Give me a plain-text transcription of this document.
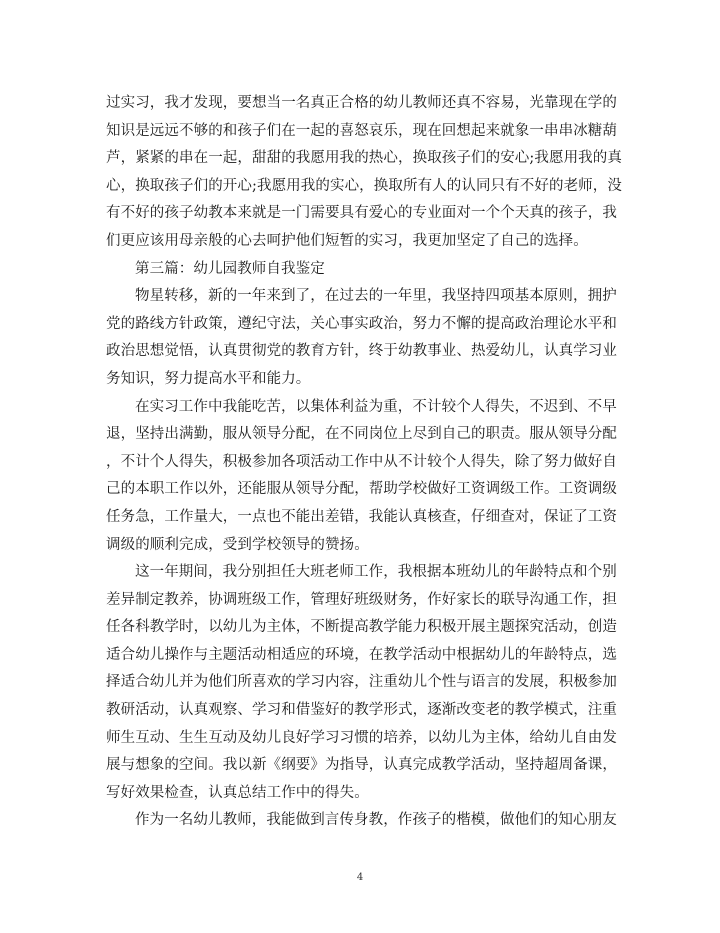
过实习，我才发现，要想当一名真正合格的幼儿教师还真不容易，光靠现在学的
知识是远远不够的和孩子们在一起的喜怒哀乐，现在回想起来就象一串串冰糖葫
芦，紧紧的串在一起，甜甜的我愿用我的热心，换取孩子们的安心;我愿用我的真
心，换取孩子们的开心;我愿用我的实心，换取所有人的认同只有不好的老师，没
有不好的孩子幼教本来就是一门需要具有爱心的专业面对一个个天真的孩子，我
们更应该用母亲般的心去呵护他们短暂的实习，我更加坚定了自己的选择。
第三篇：幼儿园教师自我鉴定
物星转移，新的一年来到了，在过去的一年里，我坚持四项基本原则，拥护
党的路线方针政策，遵纪守法，关心事实政治，努力不懈的提高政治理论水平和
政治思想觉悟，认真贯彻党的教育方针，终于幼教事业、热爱幼儿，认真学习业
务知识，努力提高水平和能力。
在实习工作中我能吃苦，以集体利益为重，不计较个人得失，不迟到、不早
退，坚持出满勤，服从领导分配，在不同岗位上尽到自己的职责。服从领导分配
，不计个人得失，积极参加各项活动工作中从不计较个人得失，除了努力做好自
己的本职工作以外，还能服从领导分配，帮助学校做好工资调级工作。工资调级
任务急，工作量大，一点也不能出差错，我能认真核查，仔细查对，保证了工资
调级的顺利完成，受到学校领导的赞扬。
这一年期间，我分别担任大班老师工作，我根据本班幼儿的年龄特点和个别
差异制定教养，协调班级工作，管理好班级财务，作好家长的联导沟通工作，担
任各科教学时，以幼儿为主体，不断提高教学能力积极开展主题探究活动，创造
适合幼儿操作与主题活动相适应的环境，在教学活动中根据幼儿的年龄特点，选
择适合幼儿并为他们所喜欢的学习内容，注重幼儿个性与语言的发展，积极参加
教研活动，认真观察、学习和借鉴好的教学形式，逐渐改变老的教学模式，注重
师生互动、生生互动及幼儿良好学习习惯的培养，以幼儿为主体，给幼儿自由发
展与想象的空间。我以新《纲要》为指导，认真完成教学活动，坚持超周备课，
写好效果检查，认真总结工作中的得失。
作为一名幼儿教师，我能做到言传身教，作孩子的楷模，做他们的知心朋友
4
